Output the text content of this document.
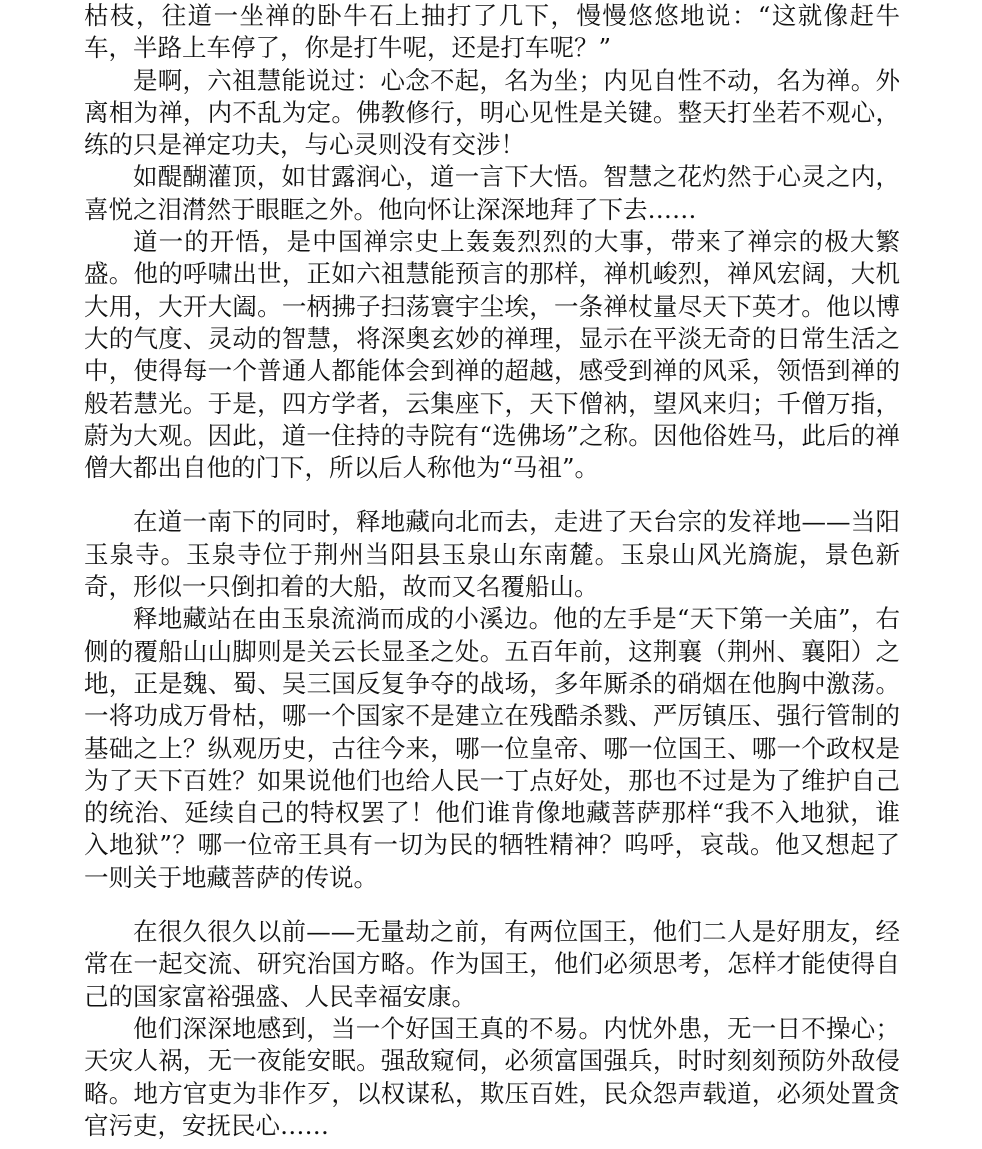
枯枝，往道一坐禅的卧牛石上抽打了几下，慢慢悠悠地说：“这就像赶牛车，半路上车停了，你是打牛呢，还是打车呢？”

是啊，六祖慧能说过：心念不起，名为坐；内见自性不动，名为禅。外离相为禅，内不乱为定。佛教修行，明心见性是关键。整天打坐若不观心，练的只是禅定功夫，与心灵则没有交涉！

如醍醐灌顶，如甘露润心，道一言下大悟。智慧之花灼然于心灵之内，喜悦之泪潸然于眼眶之外。他向怀让深深地拜了下去……

道一的开悟，是中国禅宗史上轰轰烈烈的大事，带来了禅宗的极大繁盛。他的呼啸出世，正如六祖慧能预言的那样，禅机峻烈，禅风宏阔，大机大用，大开大阖。一柄拂子扫荡寰宇尘埃，一条禅杖量尽天下英才。他以博大的气度、灵动的智慧，将深奥玄妙的禅理，显示在平淡无奇的日常生活之中，使得每一个普通人都能体会到禅的超越，感受到禅的风采，领悟到禅的般若慧光。于是，四方学者，云集座下，天下僧衲，望风来归；千僧万指，蔚为大观。因此，道一住持的寺院有“选佛场”之称。因他俗姓马，此后的禅僧大都出自他的门下，所以后人称他为“马祖”。

在道一南下的同时，释地藏向北而去，走进了天台宗的发祥地——当阳玉泉寺。玉泉寺位于荆州当阳县玉泉山东南麓。玉泉山风光旖旎，景色新奇，形似一只倒扣着的大船，故而又名覆船山。

释地藏站在由玉泉流淌而成的小溪边。他的左手是“天下第一关庙”，右侧的覆船山山脚则是关云长显圣之处。五百年前，这荆襄（荆州、襄阳）之地，正是魏、蜀、吴三国反复争夺的战场，多年厮杀的硝烟在他胸中激荡。一将功成万骨枯，哪一个国家不是建立在残酷杀戮、严厉镇压、强行管制的基础之上？纵观历史，古往今来，哪一位皇帝、哪一位国王、哪一个政权是为了天下百姓？如果说他们也给人民一丁点好处，那也不过是为了维护自己的统治、延续自己的特权罢了！他们谁肯像地藏菩萨那样“我不入地狱，谁入地狱”？哪一位帝王具有一切为民的牺牲精神？呜呼，哀哉。他又想起了一则关于地藏菩萨的传说。

在很久很久以前——无量劫之前，有两位国王，他们二人是好朋友，经常在一起交流、研究治国方略。作为国王，他们必须思考，怎样才能使得自己的国家富裕强盛、人民幸福安康。

他们深深地感到，当一个好国王真的不易。内忧外患，无一日不操心；天灾人祸，无一夜能安眠。强敌窥伺，必须富国强兵，时时刻刻预防外敌侵略。地方官吏为非作歹，以权谋私，欺压百姓，民众怨声载道，必须处置贪官污吏，安抚民心……
